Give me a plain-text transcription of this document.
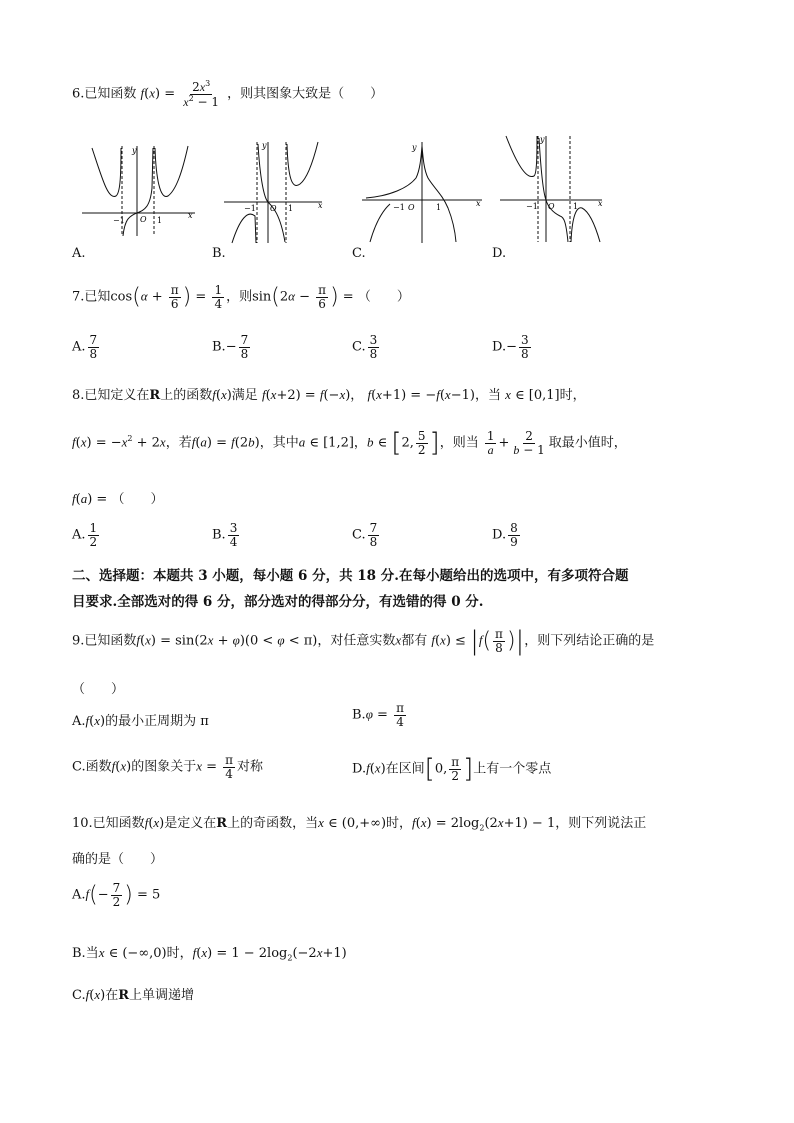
6.已知函数 $f(x) = \frac{2x^3}{x^2 - 1}$ ，则其图象大致是（　　）
x
y
−1 O 1
A.
x
y
−1 O 1
B.
x
y
−1 O	1
C.
x
y
−1 O 1
D.
7.已知$\cos(\alpha + \frac{\pi}{6}$ ) = $\frac{1}{4}$ ，则$\sin(2\alpha - \frac{\pi}{6}$ ) = （　　）
A. $\frac{7}{8}$	$B.- \frac{7}{8}$	C. $\frac{3}{8}$	$D.- \frac{3}{8}$
8.已知定义在R上的函数f(x)满足 f(x+2) = f(−x)， f(x+1) = −f(x−1)，当 x ∈ [0,1]时，
$f(x) = -x^2 + 2x$，若f(a) = f(2b)，其中a ∈ [1,2]，b ∈ [2, $\frac{5}{2}$ ]，则当 $\frac{1}{a} + \frac{2}{b - 1}$ 取最小值时，
f(a) = （　　）
A. $\frac{1}{2}$	B. $\frac{3}{4}$	C. $\frac{7}{8}$	D. $\frac{8}{9}$
二、选择题：本题共 3 小题，每小题 6 分，共 18 分.在每小题给出的选项中，有多项符合题
目要求.全部选对的得 6 分，部分选对的得部分分，有选错的得 0 分.
9.已知函数f(x) = sin(2x + φ)(0 < φ < π)，对任意实数x都有 $f(x) \le |f( \frac{\pi}{8}$ )|，则下列结论正确的是
（　　）
A.f(x)的最小正周期为 π	$B.\varphi = \frac{\pi}{4}$
C.函数f(x)的图象关于$x = \frac{\pi}{4}$ 对称	D.f(x)在区间[0, $\frac{\pi}{2}$ ]上有一个零点
10.已知函数f(x)是定义在R上的奇函数，当x ∈ (0,+∞)时，$f(x) = 2\log_2(2x+1) - 1$，则下列说法正
确的是（　　）
$A.f(- \frac{7}{2}$ ) = 5
B.当x ∈ (−∞,0)时，$f(x) = 1 - 2\log_2(-2x+1)$
C.f(x)在R上单调递增
